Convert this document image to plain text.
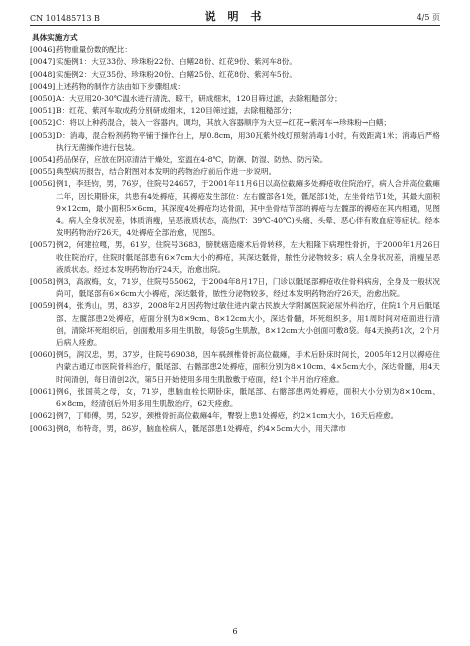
CN 101485713 B	说 明 书	4/5 页
具体实施方式
[0046] 药物重量份数的配比：
[0047] 实施例1：大豆33份、珍珠粉22份、白鳝28份、红花9份、紫河车8份。
[0048] 实施例2：大豆35份、珍珠粉20份、白鳝25份、红花8份、紫河车5份。
[0049] 上述药物的制作方法由如下步骤组成：
[0050] A：大豆用20-30℃温水进行清洗、晾干，研成细末，120目筛过滤，去除粗糙部分；
[0051] B：红花、紫河车取成药分别研成细末，120目筛过滤，去除粗糙部分；
[0052] C：将以上种药混合，装入一容器内，调均，其放入容器顺序为大豆→红花→紫河车→珍珠粉→白鳝；
[0053] D：消毒，混合粉剂药物平铺于操作台上，厚0.8cm，用30瓦紫外线灯照射消毒1小时，有效距离1米；消毒后严格执行无菌操作进行包装。
[0054] 药品保存，应放在阴凉清洁干燥处，室温在4-8℃，防潮、防湿、防热、防污染。
[0055] 典型病历报告，结合附图对本发明的药物治疗前后作进一步说明。
[0056] 例1，李廷钧，男，76岁，住院号24657，于2001年11月6日以高位截瘫多处褥疮收住院治疗，病人合并高位截瘫二年，因长期卧床，共患有4处褥疮，其褥疮发生部位：左右髋部各1处，骶尾部1处，左坐骨结节1处，其最大面积9×12cm，最小面积5×6cm，其深度4处褥疮均达骨面，其中坐骨结节部的褥疮与左髋部的褥疮在其内相通，见图4。病人全身状况差，体质消瘦，呈恶液质状态，高热(T：39℃-40℃)头痛、头晕、恶心伴有败血症等症状。经本发明药物治疗26天，4处褥疮全部治愈，见图5。
[0057] 例2，何建拉嘎，男，61岁，住院号3683，膀胱癌造瘘术后骨转移，左大粗隆下病理性骨折，于2000年1月26日收住院治疗，住院时骶尾部患有6×7cm大小的褥疮，其深达骶骨，脓性分泌物较多；病人全身状况差，消瘦呈恶液质状态。经过本发明药物治疗24天，治愈出院。
[0058] 例3，高淑梅，女，71岁，住院号55062，于2004年8月17日，门诊以骶尾部褥疮收住骨科病房，全身及一般状况尚可，骶尾部有6×6cm大小褥疮，深达骶骨，脓性分泌物较多，经过本发明药物治疗26天，治愈出院。
[0059] 例4，张秀山，男，83岁，2008年2月因药物过敏住进内蒙古民族大学附属医院泌尿外科治疗，住院1个月后骶尾部、左髋部患2处褥疮，疮面分别为8×9cm、8×12cm大小，深达骨髓，坏死组织多，用1周时间对疮面进行清创，清除坏死组织后，创面敷用多用生肌散，每袋5g生肌散，8×12cm大小创面可敷8袋。每4天换药1次，2个月后病人痊愈。
[0060] 例5，润汉忠，男，37岁，住院号69038，因车祸颈椎骨折高位截瘫，手术后卧床时间长，2005年12月以褥疮住内蒙古通辽市医院骨科治疗，骶尾部、右髂部患2处褥疮，面积分别为8×10cm、4×5cm大小，深达骨髓，用4天时间清创，每日清创2次，第5日开始使用多用生肌散敷于疮面，经1个半月治疗痊愈。
[0061] 例6，张国英之母，女，71岁，患脑血栓长期卧床，骶尾部、右髂部患两处褥疮，面积大小分别为8×10cm、6×8cm，经清创后外用多用生肌散治疗，62天痊愈。
[0062] 例7，丁师傅，男，52岁，颈椎骨折高位截瘫4年，臀裂上患1处褥疮，约2×1cm大小，16天后痊愈。
[0063] 例8，布特奇，男，86岁，脑血栓病人，骶尾部患1处褥疮，约4×5cm大小，用天津市
6
